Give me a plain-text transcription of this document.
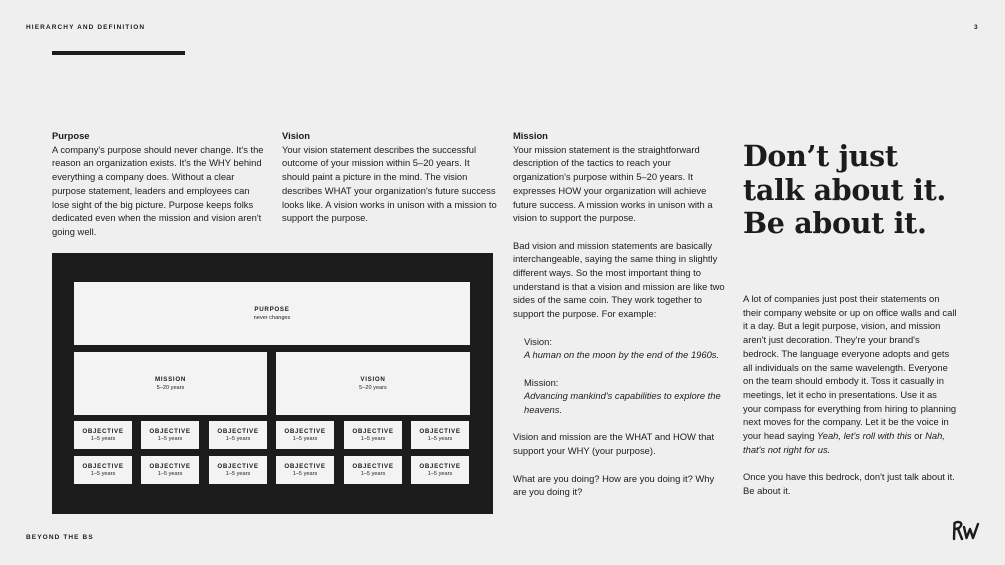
HIERARCHY AND DEFINITION	3
Purpose

A company's purpose should never change. It's the reason an organization exists. It's the WHY behind everything a company does. Without a clear purpose statement, leaders and employees can lose sight of the big picture. Purpose keeps folks dedicated even when the mission and vision aren't going well.

Vision

Your vision statement describes the successful outcome of your mission within 5–20 years. It should paint a picture in the mind. The vision describes WHAT your organization's future success looks like. A vision works in unison with a mission to support the purpose.

Mission

Your mission statement is the straightforward description of the tactics to reach your organization's purpose within 5–20 years. It expresses HOW your organization will achieve future success. A mission works in unison with a vision to support the purpose.

Bad vision and mission statements are basically interchangeable, saying the same thing in slightly different ways. So the most important thing to understand is that a vision and mission are like two sides of the same coin. They work together to support the purpose. For example:

Vision:

A human on the moon by the end of the 1960s.

Mission:

Advancing mankind's capabilities to explore the heavens.

Vision and mission are the WHAT and HOW that support your WHY (your purpose).

What are you doing? How are you doing it? Why are you doing it?

Don’t just
talk about it.
Be about it.

A lot of companies just post their statements on their company website or up on office walls and call it a day. But a legit purpose, vision, and mission aren't just decoration. They're your brand's bedrock. The language everyone adopts and gets all individuals on the same wavelength. Everyone on the team should embody it. Toss it casually in meetings, let it echo in presentations. Use it as your compass for everything from hiring to planning next moves for the company. Let it be the voice in your head saying Yeah, let's roll with this or Nah, that's not right for us.

Once you have this bedrock, don't just talk about it. Be about it.

PURPOSE
never changes
MISSION
5–20 years
VISION
5–20 years
OBJECTIVE
1–5 years
OBJECTIVE
1–5 years
OBJECTIVE
1–5 years
OBJECTIVE
1–5 years
OBJECTIVE
1–5 years
OBJECTIVE
1–5 years
OBJECTIVE
1–5 years
OBJECTIVE
1–5 years
OBJECTIVE
1–5 years
OBJECTIVE
1–5 years
OBJECTIVE
1–5 years
OBJECTIVE
1–5 years
BEYOND THE BS
